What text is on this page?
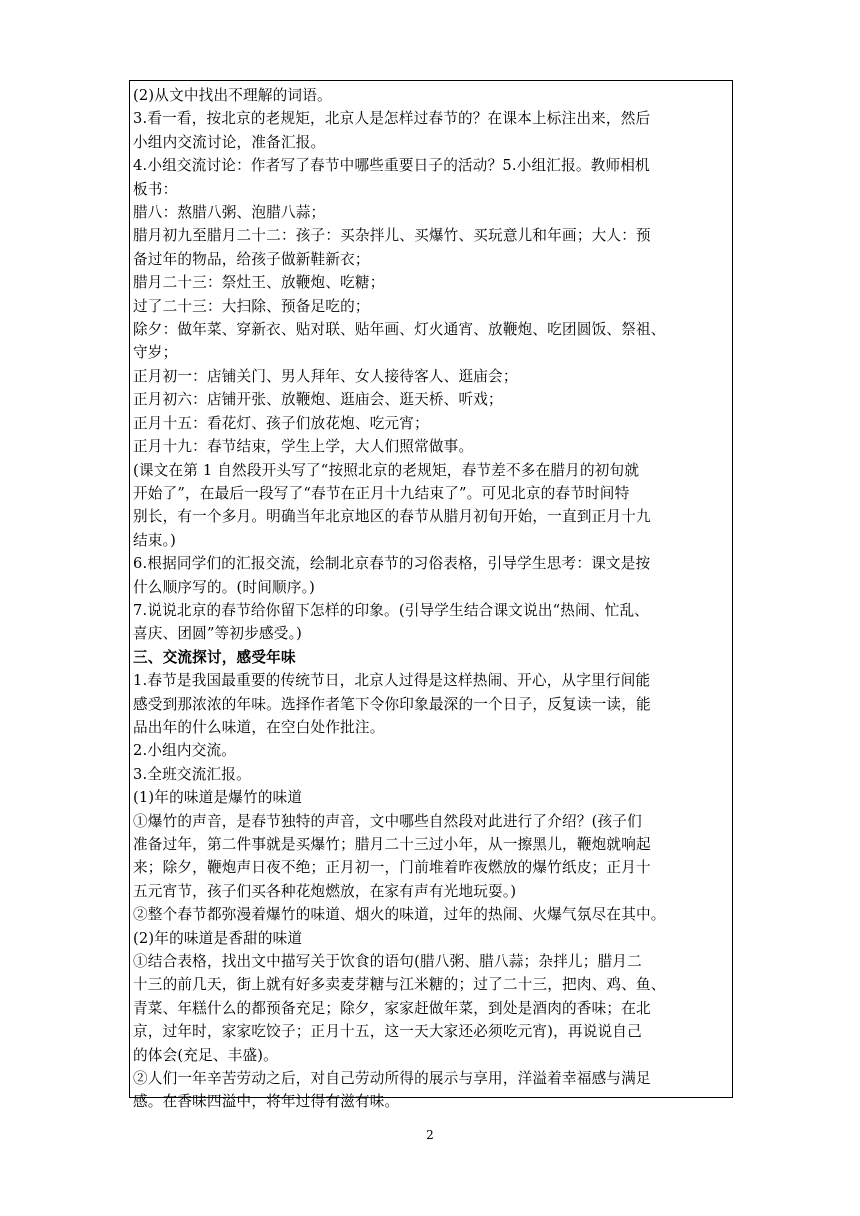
(2)从文中找出不理解的词语。
3.看一看，按北京的老规矩，北京人是怎样过春节的？在课本上标注出来，然后
小组内交流讨论，准备汇报。
4.小组交流讨论：作者写了春节中哪些重要日子的活动？5.小组汇报。教师相机
板书：
腊八：熬腊八粥、泡腊八蒜；
腊月初九至腊月二十二：孩子：买杂拌儿、买爆竹、买玩意儿和年画；大人：预
备过年的物品，给孩子做新鞋新衣；
腊月二十三：祭灶王、放鞭炮、吃糖；
过了二十三：大扫除、预备足吃的；
除夕：做年菜、穿新衣、贴对联、贴年画、灯火通宵、放鞭炮、吃团圆饭、祭祖、
守岁；
正月初一：店铺关门、男人拜年、女人接待客人、逛庙会；
正月初六：店铺开张、放鞭炮、逛庙会、逛天桥、听戏；
正月十五：看花灯、孩子们放花炮、吃元宵；
正月十九：春节结束，学生上学，大人们照常做事。
(课文在第 1 自然段开头写了“按照北京的老规矩，春节差不多在腊月的初旬就
开始了”，在最后一段写了“春节在正月十九结束了”。可见北京的春节时间特
别长，有一个多月。明确当年北京地区的春节从腊月初旬开始，一直到正月十九
结束。)
6.根据同学们的汇报交流，绘制北京春节的习俗表格，引导学生思考：课文是按
什么顺序写的。(时间顺序。)
7.说说北京的春节给你留下怎样的印象。(引导学生结合课文说出“热闹、忙乱、
喜庆、团圆”等初步感受。)
三、交流探讨，感受年味
1.春节是我国最重要的传统节日，北京人过得是这样热闹、开心，从字里行间能
感受到那浓浓的年味。选择作者笔下令你印象最深的一个日子，反复读一读，能
品出年的什么味道，在空白处作批注。
2.小组内交流。
3.全班交流汇报。
(1)年的味道是爆竹的味道
①爆竹的声音，是春节独特的声音，文中哪些自然段对此进行了介绍？(孩子们
准备过年，第二件事就是买爆竹；腊月二十三过小年，从一擦黑儿，鞭炮就响起
来；除夕，鞭炮声日夜不绝；正月初一，门前堆着昨夜燃放的爆竹纸皮；正月十
五元宵节，孩子们买各种花炮燃放，在家有声有光地玩耍。)
②整个春节都弥漫着爆竹的味道、烟火的味道，过年的热闹、火爆气氛尽在其中。
(2)年的味道是香甜的味道
①结合表格，找出文中描写关于饮食的语句(腊八粥、腊八蒜；杂拌儿；腊月二
十三的前几天，街上就有好多卖麦芽糖与江米糖的；过了二十三，把肉、鸡、鱼、
青菜、年糕什么的都预备充足；除夕，家家赶做年菜，到处是酒肉的香味；在北
京，过年时，家家吃饺子；正月十五，这一天大家还必须吃元宵)，再说说自己
的体会(充足、丰盛)。
②人们一年辛苦劳动之后，对自己劳动所得的展示与享用，洋溢着幸福感与满足
感。在香味四溢中，将年过得有滋有味。
2
